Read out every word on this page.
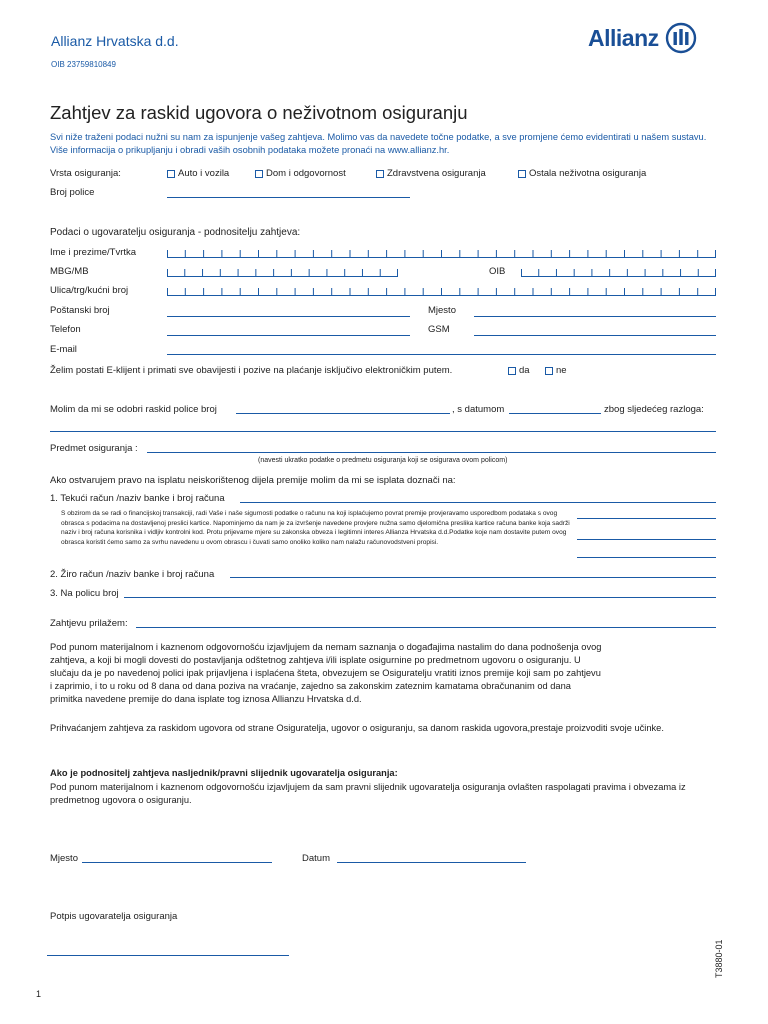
Allianz Hrvatska d.d.
OIB 23759810849
Allianz
Zahtjev za raskid ugovora o neživotnom osiguranju
Svi niže traženi podaci nužni su nam za ispunjenje vašeg zahtjeva. Molimo vas da navedete točne podatke, a sve promjene ćemo evidentirati u našem sustavu. Više informacija o prikupljanju i obradi vaših osobnih podataka možete pronaći na www.allianz.hr.
Vrsta osiguranja:	Auto i vozila	Dom i odgovornost	Zdravstvena osiguranja	Ostala neživotna osiguranja
Broj police
Podaci o ugovaratelju osiguranja - podnositelju zahtjeva:
Ime i prezime/Tvrtka
MBG/MB	OIB
Ulica/trg/kućni broj
Poštanski broj	Mjesto
Telefon	GSM
E-mail
Želim postati E-klijent i primati sve obavijesti i pozive na plaćanje isključivo elektroničkim putem.	da	ne
Molim da mi se odobri raskid police broj	, s datumom	zbog sljedećeg razloga:
Predmet osiguranja :
(navesti ukratko podatke o predmetu osiguranja koji se osigurava ovom policom)
Ako ostvarujem pravo na isplatu neiskorištenog dijela premije molim da mi se isplata doznači na:
1. Tekući račun /naziv banke i broj računa
S obzirom da se radi o financijskoj transakciji, radi Vaše i naše sigurnosti podatke o računu na koji isplaćujemo povrat premije provjeravamo usporedbom podataka s ovog obrasca s podacima na dostavljenoj preslici kartice. Napominjemo da nam je za izvršenje navedene provjere nužna samo djelomična preslika kartice računa banke koja sadrži naziv i broj računa korisnika i vidljiv kontrolni kod. Protu prijevarne mjere su zakonska obveza i legitimni interes Allianza Hrvatska d.d.Podatke koje nam dostavite putem ovog obrasca koristit ćemo samo za svrhu navedenu u ovom obrascu i čuvati samo onoliko koliko nam nalažu računovodstveni propisi.
2. Žiro račun /naziv banke i broj računa
3. Na policu broj
Zahtjevu prilažem:
Pod punom materijalnom i kaznenom odgovornošću izjavljujem da nemam saznanja o događajima nastalim do dana podnošenja ovog zahtjeva, a koji bi mogli dovesti do postavljanja odštetnog zahtjeva i/ili isplate osigurnine po predmetnom ugovoru o osiguranju. U slučaju da je po navedenoj polici ipak prijavljena i isplaćena šteta, obvezujem se Osiguratelju vratiti iznos premije koji sam po zahtjevu i zaprimio, i to u roku od 8 dana od dana poziva na vraćanje, zajedno sa zakonskim zateznim kamatama obračunanim od dana primitka navedene premije do dana isplate tog iznosa Allianzu Hrvatska d.d.
Prihvaćanjem zahtjeva za raskidom ugovora od strane Osiguratelja, ugovor o osiguranju, sa danom raskida ugovora,prestaje proizvoditi svoje učinke.
Ako je podnositelj zahtjeva nasljednik/pravni slijednik ugovaratelja osiguranja:
Pod punom materijalnom i kaznenom odgovornošću izjavljujem da sam pravni slijednik ugovaratelja osiguranja ovlašten raspolagati pravima i obvezama iz predmetnog ugovora o osiguranju.
Mjesto	Datum
Potpis ugovaratelja osiguranja
1
T3880-01
